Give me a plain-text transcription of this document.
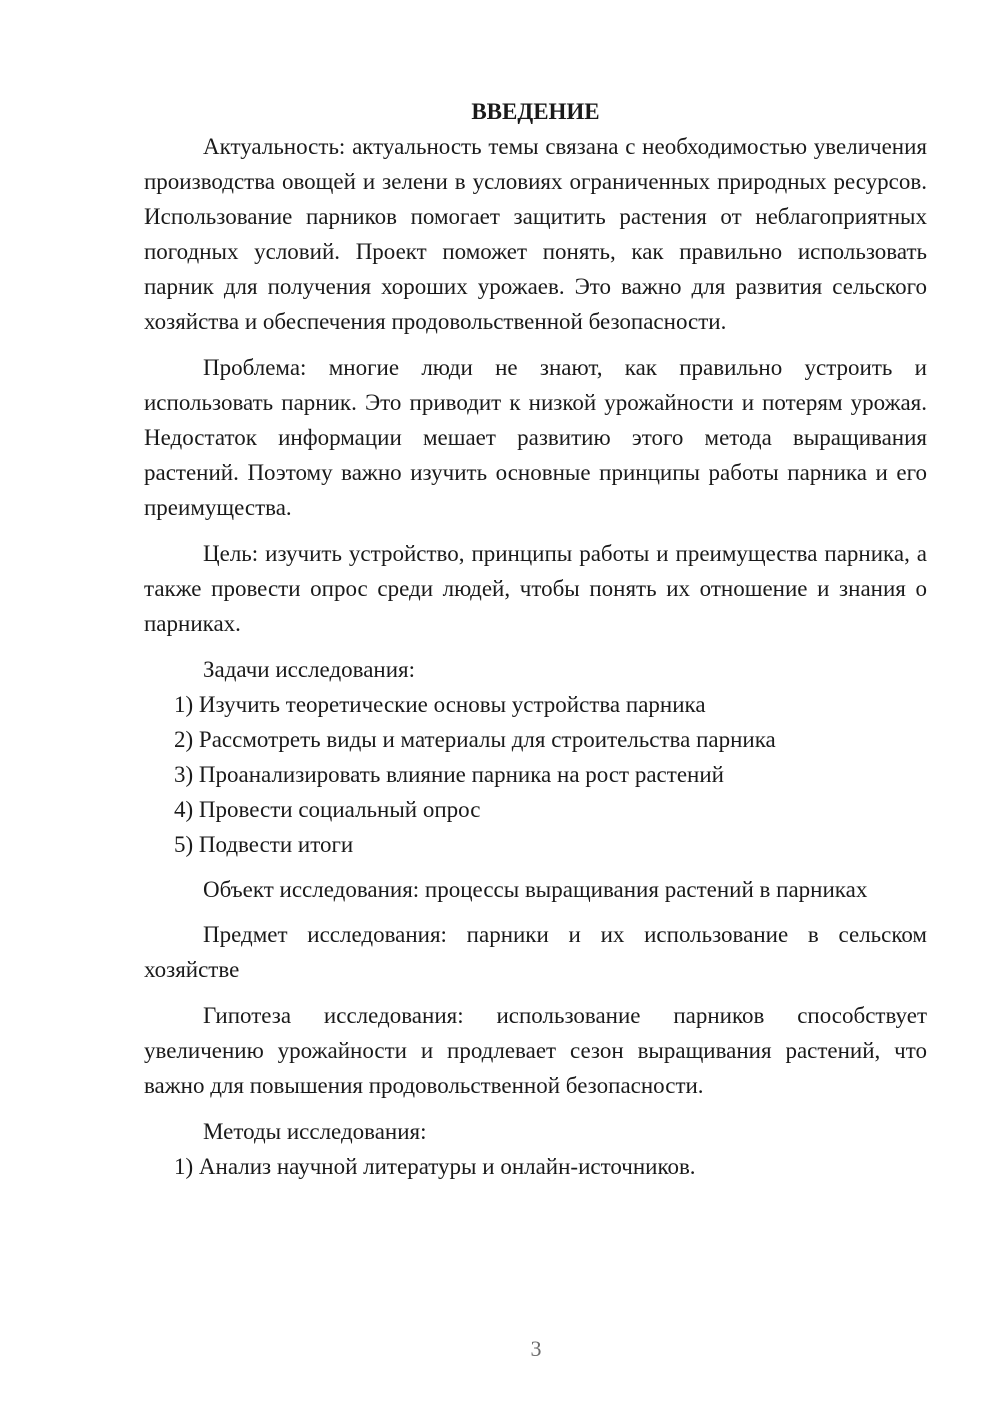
ВВЕДЕНИЕ

Актуальность: актуальность темы связана с необходимостью увеличения производства овощей и зелени в условиях ограниченных природных ресурсов. Использование парников помогает защитить растения от неблагоприятных погодных условий. Проект поможет понять, как правильно использовать парник для получения хороших урожаев. Это важно для развития сельского хозяйства и обеспечения продовольственной безопасности.

Проблема: многие люди не знают, как правильно устроить и использовать парник. Это приводит к низкой урожайности и потерям урожая. Недостаток информации мешает развитию этого метода выращивания растений. Поэтому важно изучить основные принципы работы парника и его преимущества.

Цель: изучить устройство, принципы работы и преимущества парника, а также провести опрос среди людей, чтобы понять их отношение и знания о парниках.

Задачи исследования:

1) Изучить теоретические основы устройства парника

2) Рассмотреть виды и материалы для строительства парника

3) Проанализировать влияние парника на рост растений

4) Провести социальный опрос

5) Подвести итоги

Объект исследования: процессы выращивания растений в парниках

Предмет исследования: парники и их использование в сельском хозяйстве

Гипотеза исследования: использование парников способствует увеличению урожайности и продлевает сезон выращивания растений, что важно для повышения продовольственной безопасности.

Методы исследования:

1) Анализ научной литературы и онлайн-источников.

3
